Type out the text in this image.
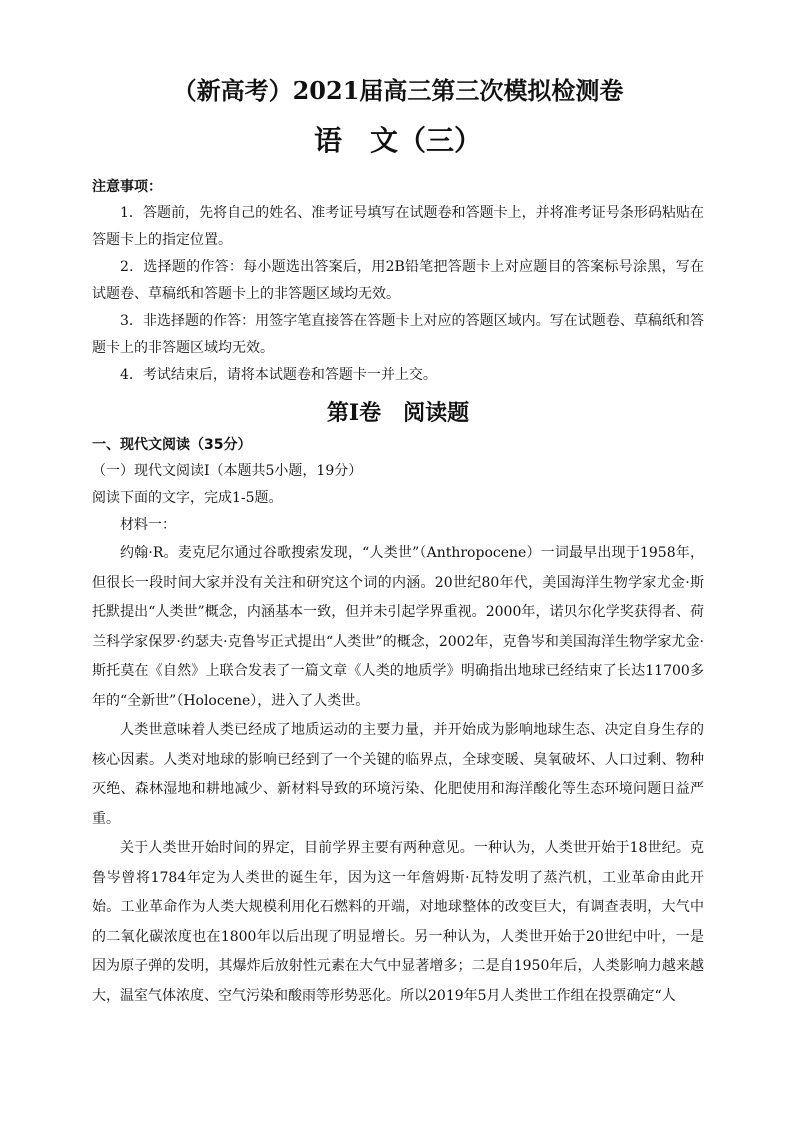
（新高考）2021届高三第三次模拟检测卷
语　文（三）
注意事项：

1．答题前，先将自己的姓名、准考证号填写在试题卷和答题卡上，并将准考证号条形码粘贴在答题卡上的指定位置。

2．选择题的作答：每小题选出答案后，用2B铅笔把答题卡上对应题目的答案标号涂黑，写在试题卷、草稿纸和答题卡上的非答题区域均无效。

3．非选择题的作答：用签字笔直接答在答题卡上对应的答题区域内。写在试题卷、草稿纸和答题卡上的非答题区域均无效。

4．考试结束后，请将本试题卷和答题卡一并上交。

第Ⅰ卷　阅读题
一、现代文阅读（35分）
（一）现代文阅读Ⅰ（本题共5小题，19分）
阅读下面的文字，完成1-5题。
材料一：

约翰·R。麦克尼尔通过谷歌搜索发现，“人类世”（Anthropocene）一词最早出现于1958年，但很长一段时间大家并没有关注和研究这个词的内涵。20世纪80年代，美国海洋生物学家尤金·斯托默提出“人类世”概念，内涵基本一致，但并未引起学界重视。2000年，诺贝尔化学奖获得者、荷兰科学家保罗·约瑟夫·克鲁岑正式提出“人类世”的概念，2002年，克鲁岑和美国海洋生物学家尤金·斯托莫在《自然》上联合发表了一篇文章《人类的地质学》明确指出地球已经结束了长达11700多年的“全新世”（Holocene），进入了人类世。

人类世意味着人类已经成了地质运动的主要力量，并开始成为影响地球生态、决定自身生存的核心因素。人类对地球的影响已经到了一个关键的临界点，全球变暖、臭氧破坏、人口过剩、物种灭绝、森林湿地和耕地减少、新材料导致的环境污染、化肥使用和海洋酸化等生态环境问题日益严重。

关于人类世开始时间的界定，目前学界主要有两种意见。一种认为，人类世开始于18世纪。克鲁岑曾将1784年定为人类世的诞生年，因为这一年詹姆斯·瓦特发明了蒸汽机，工业革命由此开始。工业革命作为人类大规模利用化石燃料的开端，对地球整体的改变巨大，有调查表明，大气中的二氧化碳浓度也在1800年以后出现了明显增长。另一种认为，人类世开始于20世纪中叶，一是因为原子弹的发明，其爆炸后放射性元素在大气中显著增多；二是自1950年后，人类影响力越来越大，温室气体浓度、空气污染和酸雨等形势恶化。所以2019年5月人类世工作组在投票确定“人
